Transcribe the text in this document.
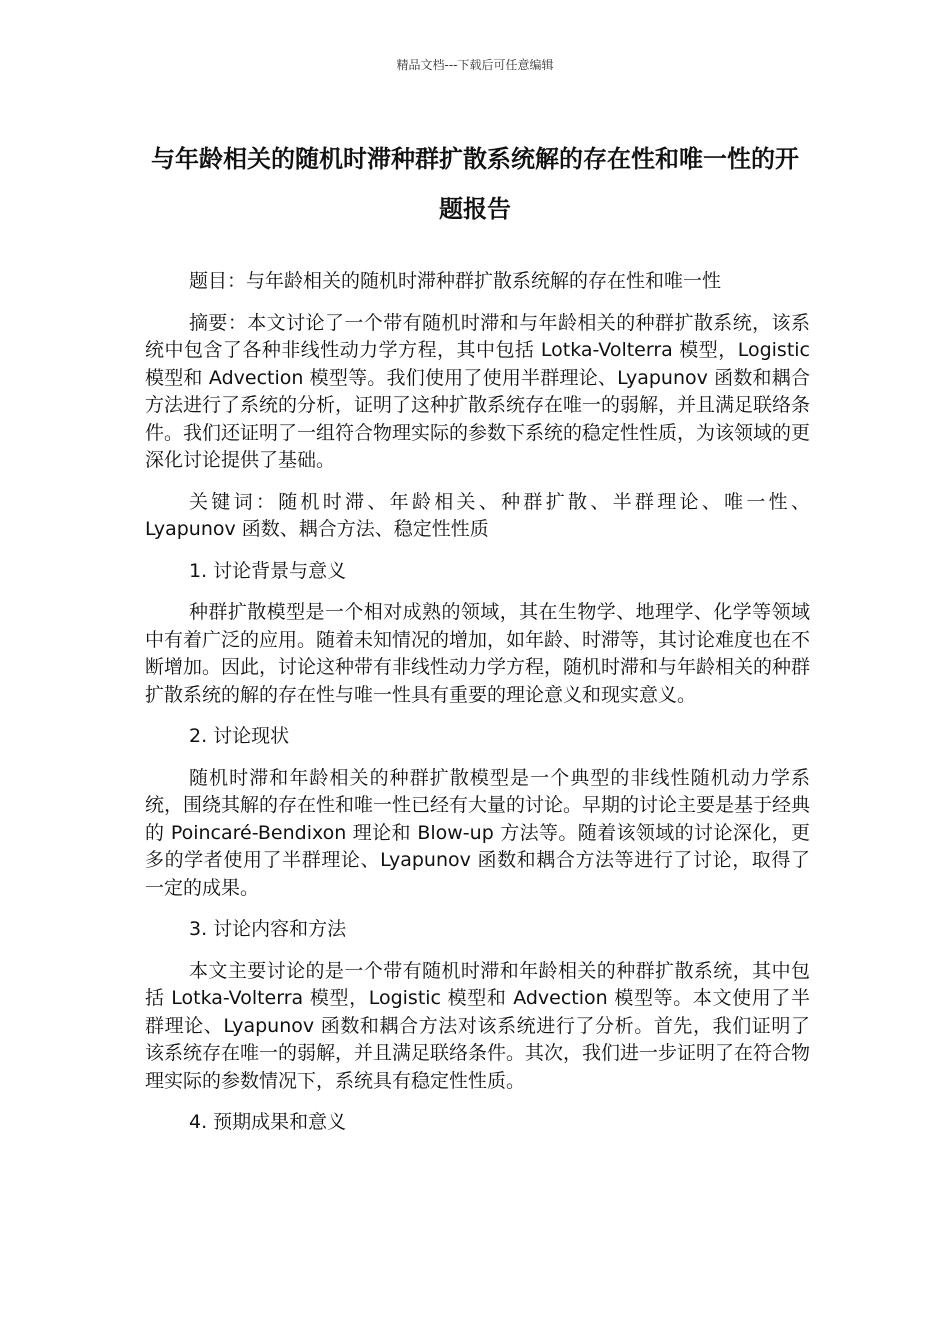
精品文档---下载后可任意编辑
与年龄相关的随机时滞种群扩散系统解的存在性和唯一性的开题报告

题目：与年龄相关的随机时滞种群扩散系统解的存在性和唯一性

摘要：本文讨论了一个带有随机时滞和与年龄相关的种群扩散系统，该系统中包含了各种非线性动力学方程，其中包括 Lotka-Volterra 模型，Logistic 模型和 Advection 模型等。我们使用了使用半群理论、Lyapunov 函数和耦合方法进行了系统的分析，证明了这种扩散系统存在唯一的弱解，并且满足联络条件。我们还证明了一组符合物理实际的参数下系统的稳定性性质，为该领域的更深化讨论提供了基础。

关键词：随机时滞、年龄相关、种群扩散、半群理论、唯一性、Lyapunov 函数、耦合方法、稳定性性质

1. 讨论背景与意义

种群扩散模型是一个相对成熟的领域，其在生物学、地理学、化学等领域中有着广泛的应用。随着未知情况的增加，如年龄、时滞等，其讨论难度也在不断增加。因此，讨论这种带有非线性动力学方程，随机时滞和与年龄相关的种群扩散系统的解的存在性与唯一性具有重要的理论意义和现实意义。

2. 讨论现状

随机时滞和年龄相关的种群扩散模型是一个典型的非线性随机动力学系统，围绕其解的存在性和唯一性已经有大量的讨论。早期的讨论主要是基于经典的 Poincaré-Bendixon 理论和 Blow-up 方法等。随着该领域的讨论深化，更多的学者使用了半群理论、Lyapunov 函数和耦合方法等进行了讨论，取得了一定的成果。

3. 讨论内容和方法

本文主要讨论的是一个带有随机时滞和年龄相关的种群扩散系统，其中包括 Lotka-Volterra 模型，Logistic 模型和 Advection 模型等。本文使用了半群理论、Lyapunov 函数和耦合方法对该系统进行了分析。首先，我们证明了该系统存在唯一的弱解，并且满足联络条件。其次，我们进一步证明了在符合物理实际的参数情况下，系统具有稳定性性质。

4. 预期成果和意义
